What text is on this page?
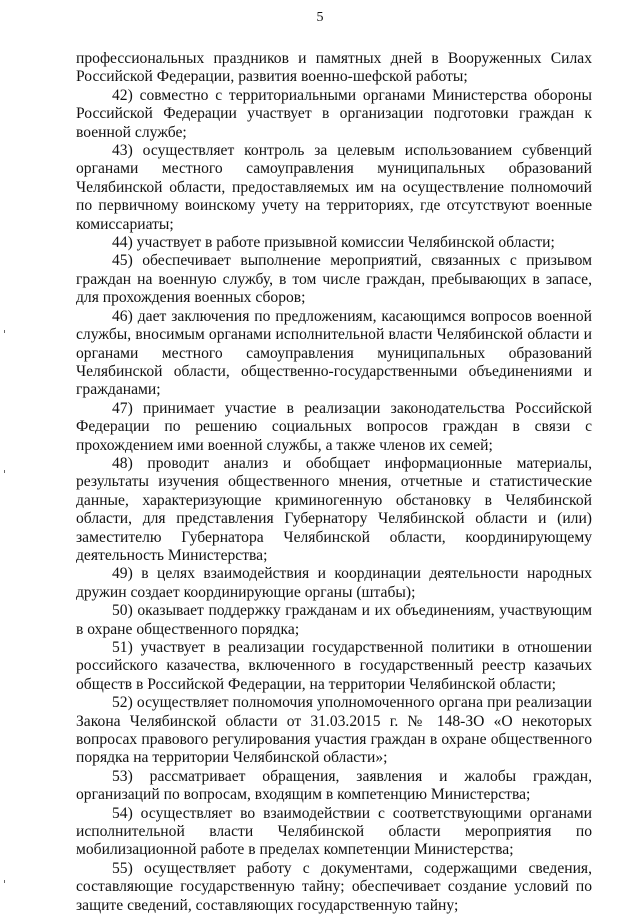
5

профессиональных праздников и памятных дней в Вооруженных Силах Российской Федерации, развития военно-шефской работы;

42) совместно с территориальными органами Министерства обороны Российской Федерации участвует в организации подготовки граждан к военной службе;

43) осуществляет контроль за целевым использованием субвенций органами местного самоуправления муниципальных образований Челябинской области, предоставляемых им на осуществление полномочий по первичному воинскому учету на территориях, где отсутствуют военные комиссариаты;

44) участвует в работе призывной комиссии Челябинской области;

45) обеспечивает выполнение мероприятий, связанных с призывом граждан на военную службу, в том числе граждан, пребывающих в запасе, для прохождения военных сборов;

46) дает заключения по предложениям, касающимся вопросов военной службы, вносимым органами исполнительной власти Челябинской области и органами местного самоуправления муниципальных образований Челябинской области, общественно-государственными объединениями и гражданами;

47) принимает участие в реализации законодательства Российской Федерации по решению социальных вопросов граждан в связи с прохождением ими военной службы, а также членов их семей;

48) проводит анализ и обобщает информационные материалы, результаты изучения общественного мнения, отчетные и статистические данные, характеризующие криминогенную обстановку в Челябинской области, для представления Губернатору Челябинской области и (или) заместителю Губернатора Челябинской области, координирующему деятельность Министерства;

49) в целях взаимодействия и координации деятельности народных дружин создает координирующие органы (штабы);

50) оказывает поддержку гражданам и их объединениям, участвующим в охране общественного порядка;

51) участвует в реализации государственной политики в отношении российского казачества, включенного в государственный реестр казачьих обществ в Российской Федерации, на территории Челябинской области;

52) осуществляет полномочия уполномоченного органа при реализации Закона Челябинской области от 31.03.2015 г. № 148-ЗО «О некоторых вопросах правового регулирования участия граждан в охране общественного порядка на территории Челябинской области»;

53) рассматривает обращения, заявления и жалобы граждан, организаций по вопросам, входящим в компетенцию Министерства;

54) осуществляет во взаимодействии с соответствующими органами исполнительной власти Челябинской области мероприятия по мобилизационной работе в пределах компетенции Министерства;

55) осуществляет работу с документами, содержащими сведения, составляющие государственную тайну; обеспечивает создание условий по защите сведений, составляющих государственную тайну;
